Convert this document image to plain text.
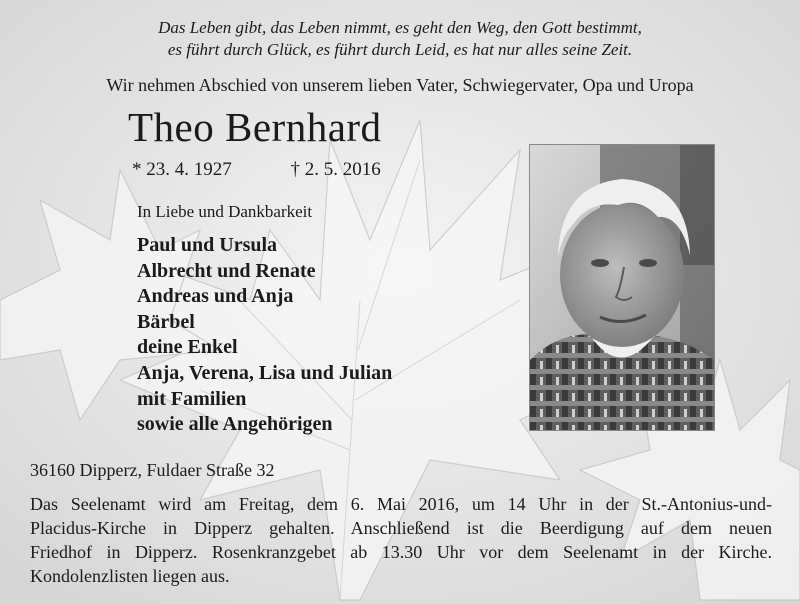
Das Leben gibt, das Leben nimmt, es geht den Weg, den Gott bestimmt,
es führt durch Glück, es führt durch Leid, es hat nur alles seine Zeit.
Wir nehmen Abschied von unserem lieben Vater, Schwiegervater, Opa und Uropa
Theo Bernhard
* 23. 4. 1927	† 2. 5. 2016
In Liebe und Dankbarkeit
Paul und Ursula
Albrecht und Renate
Andreas und Anja
Bärbel
deine Enkel
Anja, Verena, Lisa und Julian
mit Familien
sowie alle Angehörigen
36160 Dipperz, Fuldaer Straße 32
Das Seelenamt wird am Freitag, dem 6. Mai 2016, um 14 Uhr in der St.-Antonius-und-
Placidus-Kirche in Dipperz gehalten. Anschließend ist die Beerdigung auf dem neuen
Friedhof in Dipperz. Rosenkranzgebet ab 13.30 Uhr vor dem Seelenamt in der Kirche.
Kondolenzlisten liegen aus.
